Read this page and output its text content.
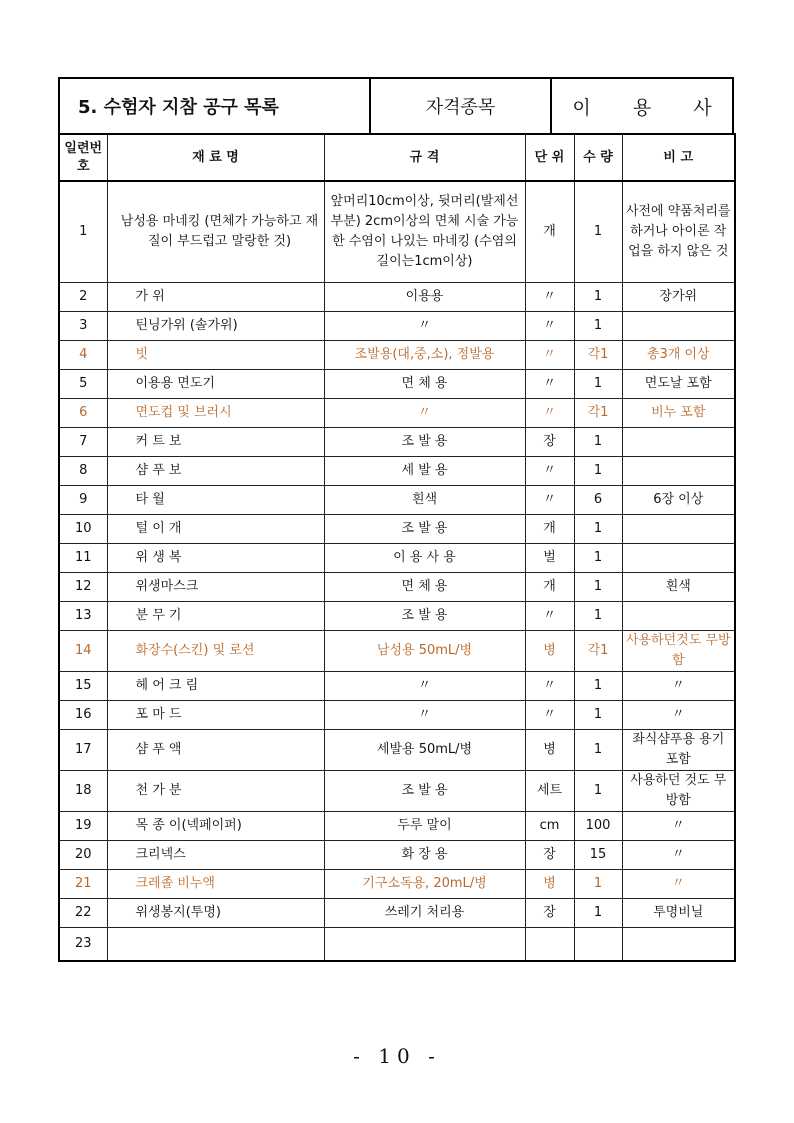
5. 수험자 지참 공구 목록	자격종목	이 용 사
일련번호	재 료 명	규 격	단 위	수 량	비 고
1	남성용 마네킹 (면체가 가능하고 재질이 부드럽고 말랑한 것)	앞머리10cm이상, 뒷머리(발제선부분) 2cm이상의 면체 시술 가능한 수염이 나있는 마네킹 (수염의 길이는1cm이상)	개	1	사전에 약품처리를 하거나 아이론 작업을 하지 않은 것
2	가 위	이용용	〃	1	장가위
3	틴닝가위 (솔가위)	〃	〃	1	
4	빗	조발용(대,중,소), 정발용	〃	각1	총3개 이상
5	이용용 면도기	면 체 용	〃	1	면도날 포함
6	면도컵 및 브러시	〃	〃	각1	비누 포함
7	커 트 보	조 발 용	장	1	
8	샴 푸 보	세 발 용	〃	1	
9	타 월	흰색	〃	6	6장 이상
10	털 이 개	조 발 용	개	1	
11	위 생 복	이 용 사 용	벌	1	
12	위생마스크	면 체 용	개	1	흰색
13	분 무 기	조 발 용	〃	1	
14	화장수(스킨) 및 로션	남성용 50mL/병	병	각1	사용하던것도 무방함
15	헤 어 크 림	〃	〃	1	〃
16	포 마 드	〃	〃	1	〃
17	샴 푸 액	세발용 50mL/병	병	1	좌식샴푸용 용기 포함
18	천 가 분	조 발 용	세트	1	사용하던 것도 무방함
19	목 종 이(넥페이퍼)	두루 말이	cm	100	〃
20	크리넥스	화 장 용	장	15	〃
21	크레졸 비누액	기구소독용, 20mL/병	병	1	〃
22	위생봉지(투명)	쓰레기 처리용	장	1	투명비닐
23					
- 10 -
